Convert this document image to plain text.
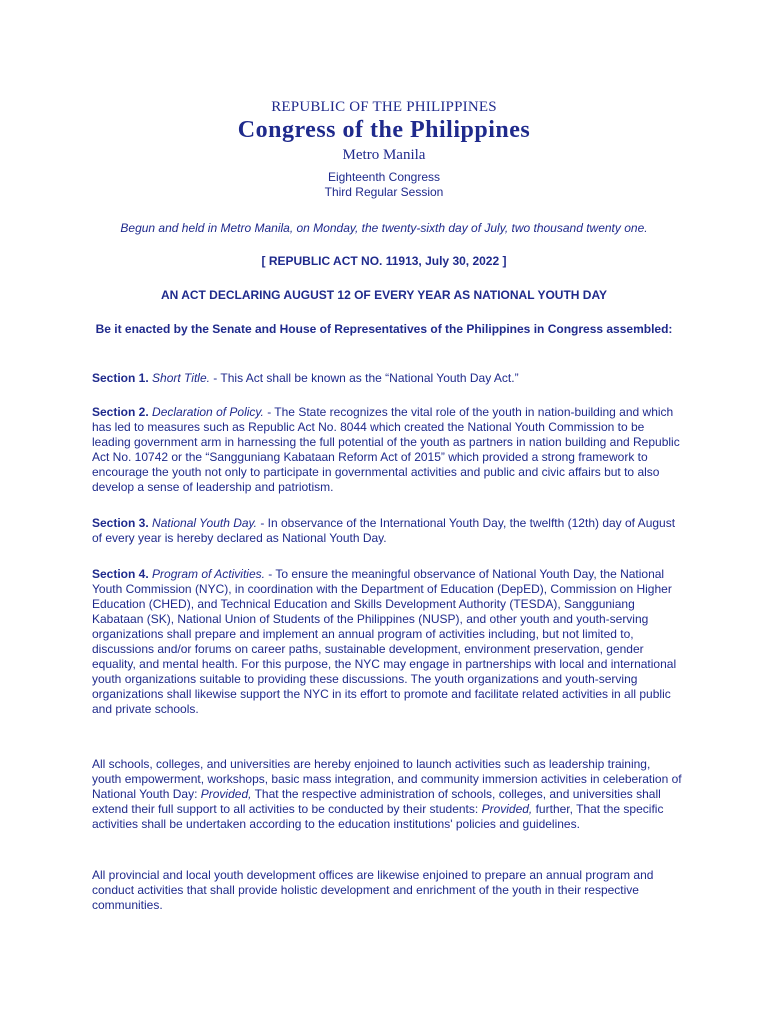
REPUBLIC OF THE PHILIPPINES
Congress of the Philippines
Metro Manila
Eighteenth Congress
Third Regular Session
Begun and held in Metro Manila, on Monday, the twenty-sixth day of July, two thousand twenty one.
[ REPUBLIC ACT NO. 11913, July 30, 2022 ]
AN ACT DECLARING AUGUST 12 OF EVERY YEAR AS NATIONAL YOUTH DAY
Be it enacted by the Senate and House of Representatives of the Philippines in Congress assembled:

Section 1. Short Title. - This Act shall be known as the “National Youth Day Act.”

Section 2. Declaration of Policy. - The State recognizes the vital role of the youth in nation-building and which has led to measures such as Republic Act No. 8044 which created the National Youth Commission to be leading government arm in harnessing the full potential of the youth as partners in nation building and Republic Act No. 10742 or the “Sangguniang Kabataan Reform Act of 2015” which provided a strong framework to encourage the youth not only to participate in governmental activities and public and civic affairs but to also develop a sense of leadership and patriotism.

Section 3. National Youth Day. - In observance of the International Youth Day, the twelfth (12th) day of August of every year is hereby declared as National Youth Day.

Section 4. Program of Activities. - To ensure the meaningful observance of National Youth Day, the National Youth Commission (NYC), in coordination with the Department of Education (DepED), Commission on Higher Education (CHED), and Technical Education and Skills Development Authority (TESDA), Sangguniang Kabataan (SK), National Union of Students of the Philippines (NUSP), and other youth and youth-serving organizations shall prepare and implement an annual program of activities including, but not limited to, discussions and/or forums on career paths, sustainable development, environment preservation, gender equality, and mental health. For this purpose, the NYC may engage in partnerships with local and international youth organizations suitable to providing these discussions. The youth organizations and youth-serving organizations shall likewise support the NYC in its effort to promote and facilitate related activities in all public and private schools.

All schools, colleges, and universities are hereby enjoined to launch activities such as leadership training, youth empowerment, workshops, basic mass integration, and community immersion activities in celeberation of National Youth Day: Provided, That the respective administration of schools, colleges, and universities shall extend their full support to all activities to be conducted by their students: Provided, further, That the specific activities shall be undertaken according to the education institutions' policies and guidelines.

All provincial and local youth development offices are likewise enjoined to prepare an annual program and conduct activities that shall provide holistic development and enrichment of the youth in their respective communities.
